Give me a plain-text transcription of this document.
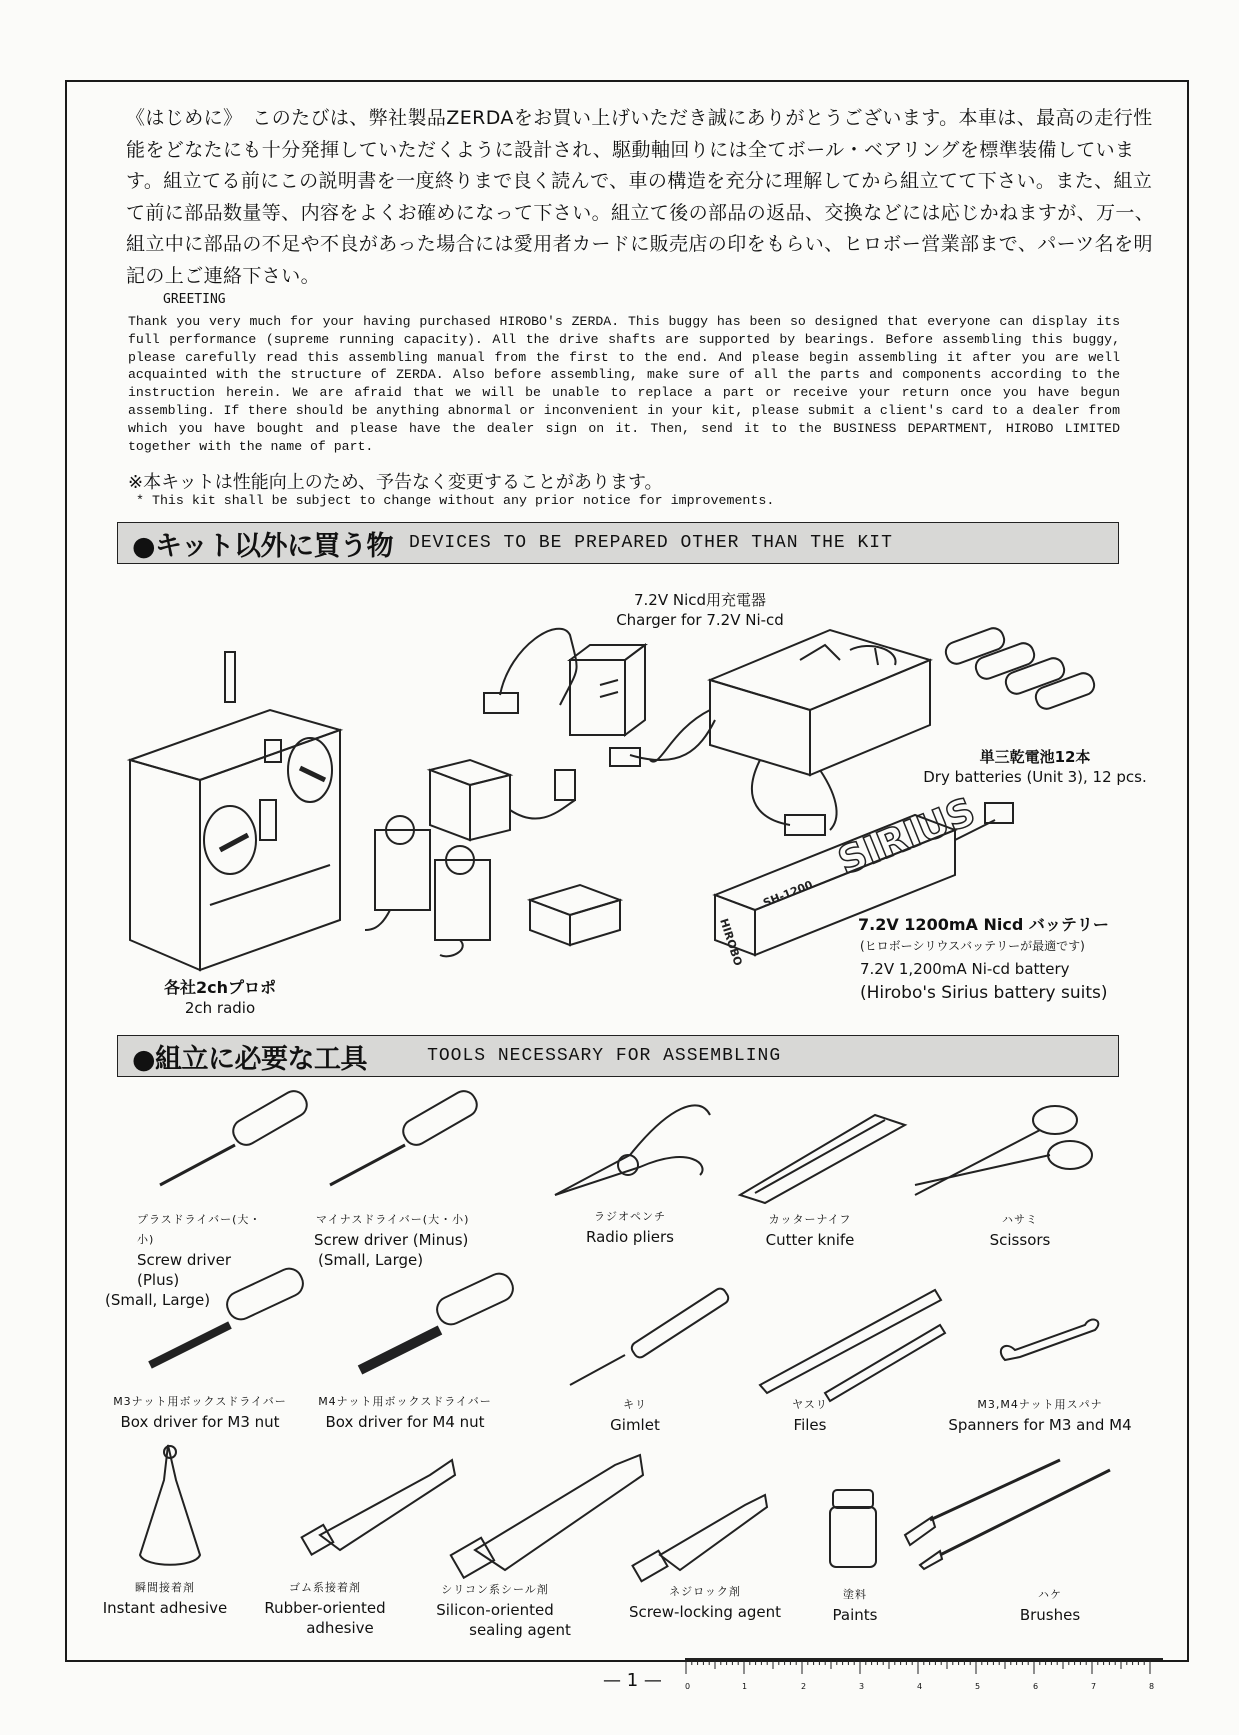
《はじめに》　このたびは、弊社製品ZERDAをお買い上げいただき誠にありがとうございます。本車は、最高の走行性能をどなたにも十分発揮していただくように設計され、駆動軸回りには全てボール・ベアリングを標準装備しています。組立てる前にこの説明書を一度終りまで良く読んで、車の構造を充分に理解してから組立てて下さい。また、組立て前に部品数量等、内容をよくお確めになって下さい。組立て後の部品の返品、交換などには応じかねますが、万一、組立中に部品の不足や不良があった場合には愛用者カードに販売店の印をもらい、ヒロボー営業部まで、パーツ名を明記の上ご連絡下さい。
GREETING
Thank you very much for your having purchased HIROBO's ZERDA. This buggy has been so designed that everyone can display its full performance (supreme running capacity). All the drive shafts are supported by bearings. Before assembling this buggy, please carefully read this assembling manual from the first to the end. And please begin assembling it after you are well acquainted with the structure of ZERDA. Also before assembling, make sure of all the parts and components according to the instruction herein. We are afraid that we will be unable to replace a part or receive your return once you have begun assembling. If there should be anything abnormal or inconvenient in your kit, please submit a client's card to a dealer from which you have bought and please have the dealer sign on it. Then, send it to the BUSINESS DEPARTMENT, HIROBO LIMITED together with the name of part.
※本キットは性能向上のため、予告なく変更することがあります。
* This kit shall be subject to change without any prior notice for improvements.
●キット以外に買う物 DEVICES TO BE PREPARED OTHER THAN THE KIT
7.2V Nicd用充電器
Charger for 7.2V Ni-cd
単三乾電池12本
Dry batteries (Unit 3), 12 pcs.
各社2chプロポ
2ch radio
7.2V 1200mA Nicd バッテリー
(ヒロボーシリウスバッテリーが最適です)
7.2V 1,200mA Ni-cd battery
(Hirobo's Sirius battery suits)
SIRIUS
HIROBO
SH-1200
●組立に必要な工具	TOOLS NECESSARY FOR ASSEMBLING
プラスドライバー(大・小)
Screw driver (Plus)
(Small, Large)
マイナスドライバー(大・小)
Screw driver (Minus)
(Small, Large)
ラジオペンチ
Radio pliers
カッターナイフ
Cutter knife
ハサミ
Scissors
M3ナット用ボックスドライバー
Box driver for M3 nut
M4ナット用ボックスドライバー
Box driver for M4 nut
キリ
Gimlet
ヤスリ
Files
M3,M4ナット用スパナ
Spanners for M3 and M4
瞬間接着剤
Instant adhesive
ゴム系接着剤
Rubber-oriented
adhesive
シリコン系シール剤
Silicon-oriented
sealing agent
ネジロック剤
Screw-locking agent
塗料
Paints
ハケ
Brushes
— 1 —	0	1	2	3	4	5	6	7	8
